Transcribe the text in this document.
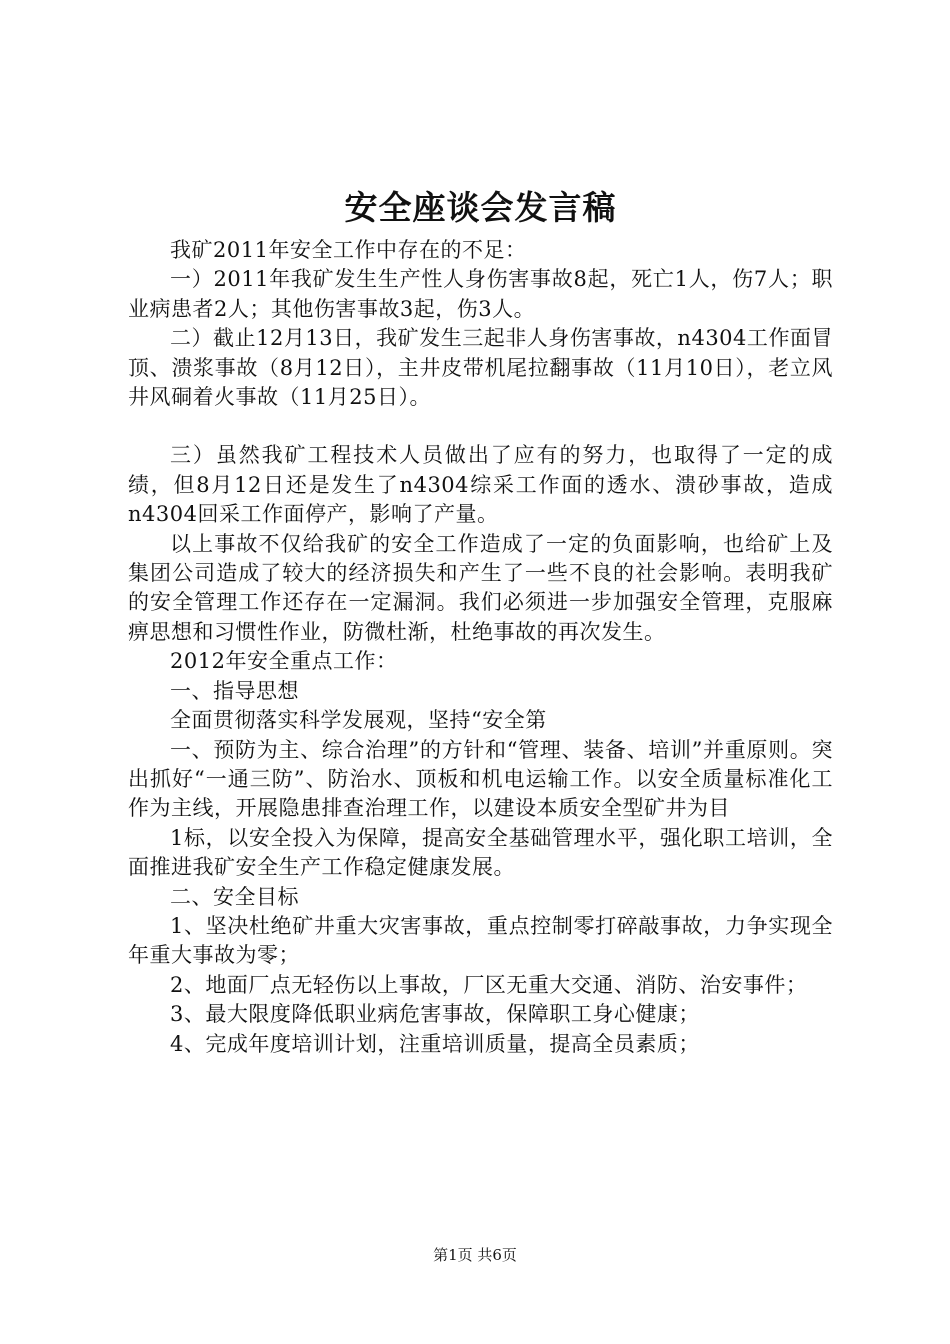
安全座谈会发言稿

我矿2011年安全工作中存在的不足：

一）2011年我矿发生生产性人身伤害事故8起，死亡1人，伤7人；职业病患者2人；其他伤害事故3起，伤3人。

二）截止12月13日，我矿发生三起非人身伤害事故，n4304工作面冒顶、溃浆事故（8月12日），主井皮带机尾拉翻事故（11月10日），老立风井风硐着火事故（11月25日）。

三）虽然我矿工程技术人员做出了应有的努力，也取得了一定的成绩，但8月12日还是发生了n4304综采工作面的透水、溃砂事故，造成n4304回采工作面停产，影响了产量。

以上事故不仅给我矿的安全工作造成了一定的负面影响，也给矿上及集团公司造成了较大的经济损失和产生了一些不良的社会影响。表明我矿的安全管理工作还存在一定漏洞。我们必须进一步加强安全管理，克服麻痹思想和习惯性作业，防微杜渐，杜绝事故的再次发生。

2012年安全重点工作：

一、指导思想

全面贯彻落实科学发展观，坚持“安全第

一、预防为主、综合治理”的方针和“管理、装备、培训”并重原则。突出抓好“一通三防”、防治水、顶板和机电运输工作。以安全质量标准化工作为主线，开展隐患排查治理工作，以建设本质安全型矿井为目

1标，以安全投入为保障，提高安全基础管理水平，强化职工培训，全面推进我矿安全生产工作稳定健康发展。

二、安全目标

1、坚决杜绝矿井重大灾害事故，重点控制零打碎敲事故，力争实现全年重大事故为零；

2、地面厂点无轻伤以上事故，厂区无重大交通、消防、治安事件；

3、最大限度降低职业病危害事故，保障职工身心健康；

4、完成年度培训计划，注重培训质量，提高全员素质；

第1页 共6页
